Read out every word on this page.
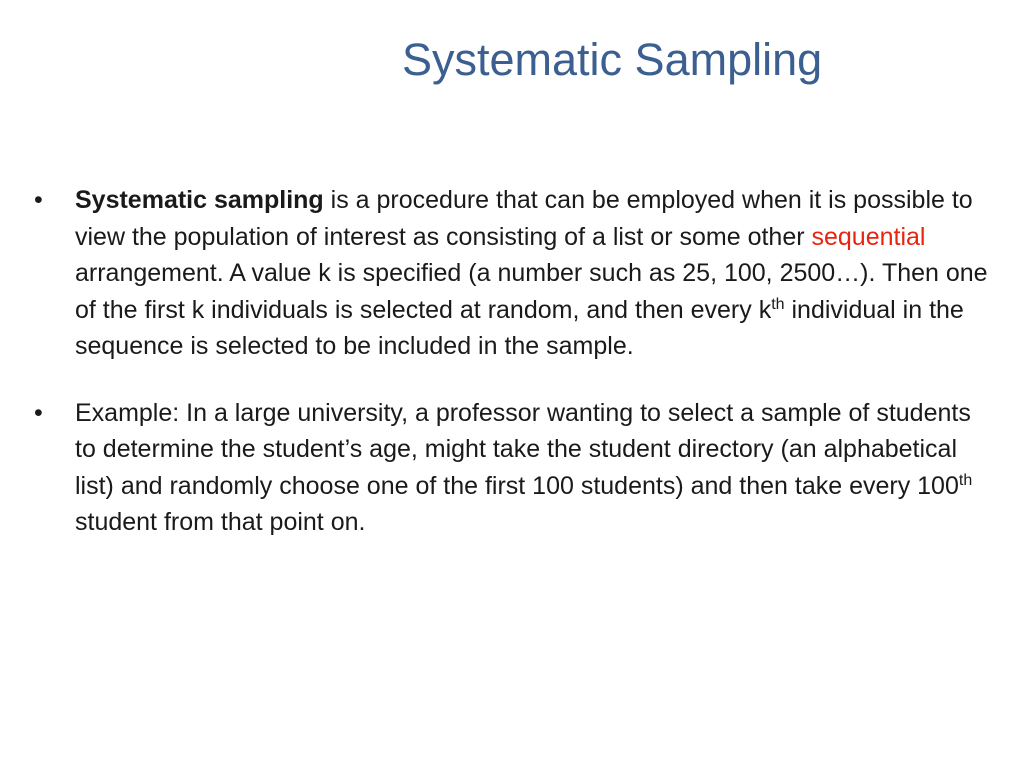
Systematic Sampling
• Systematic sampling is a procedure that can be employed when it is possible to view the population of interest as consisting of a list or some other sequential arrangement. A value k is specified (a number such as 25, 100, 2500…). Then one of the first k individuals is selected at random, and then every $k^{th}$ individual in the sequence is selected to be included in the sample.
• Example: In a large university, a professor wanting to select a sample of students to determine the student’s age, might take the student directory (an alphabetical list) and randomly choose one of the first 100 students) and then take every 100th student from that point on.
